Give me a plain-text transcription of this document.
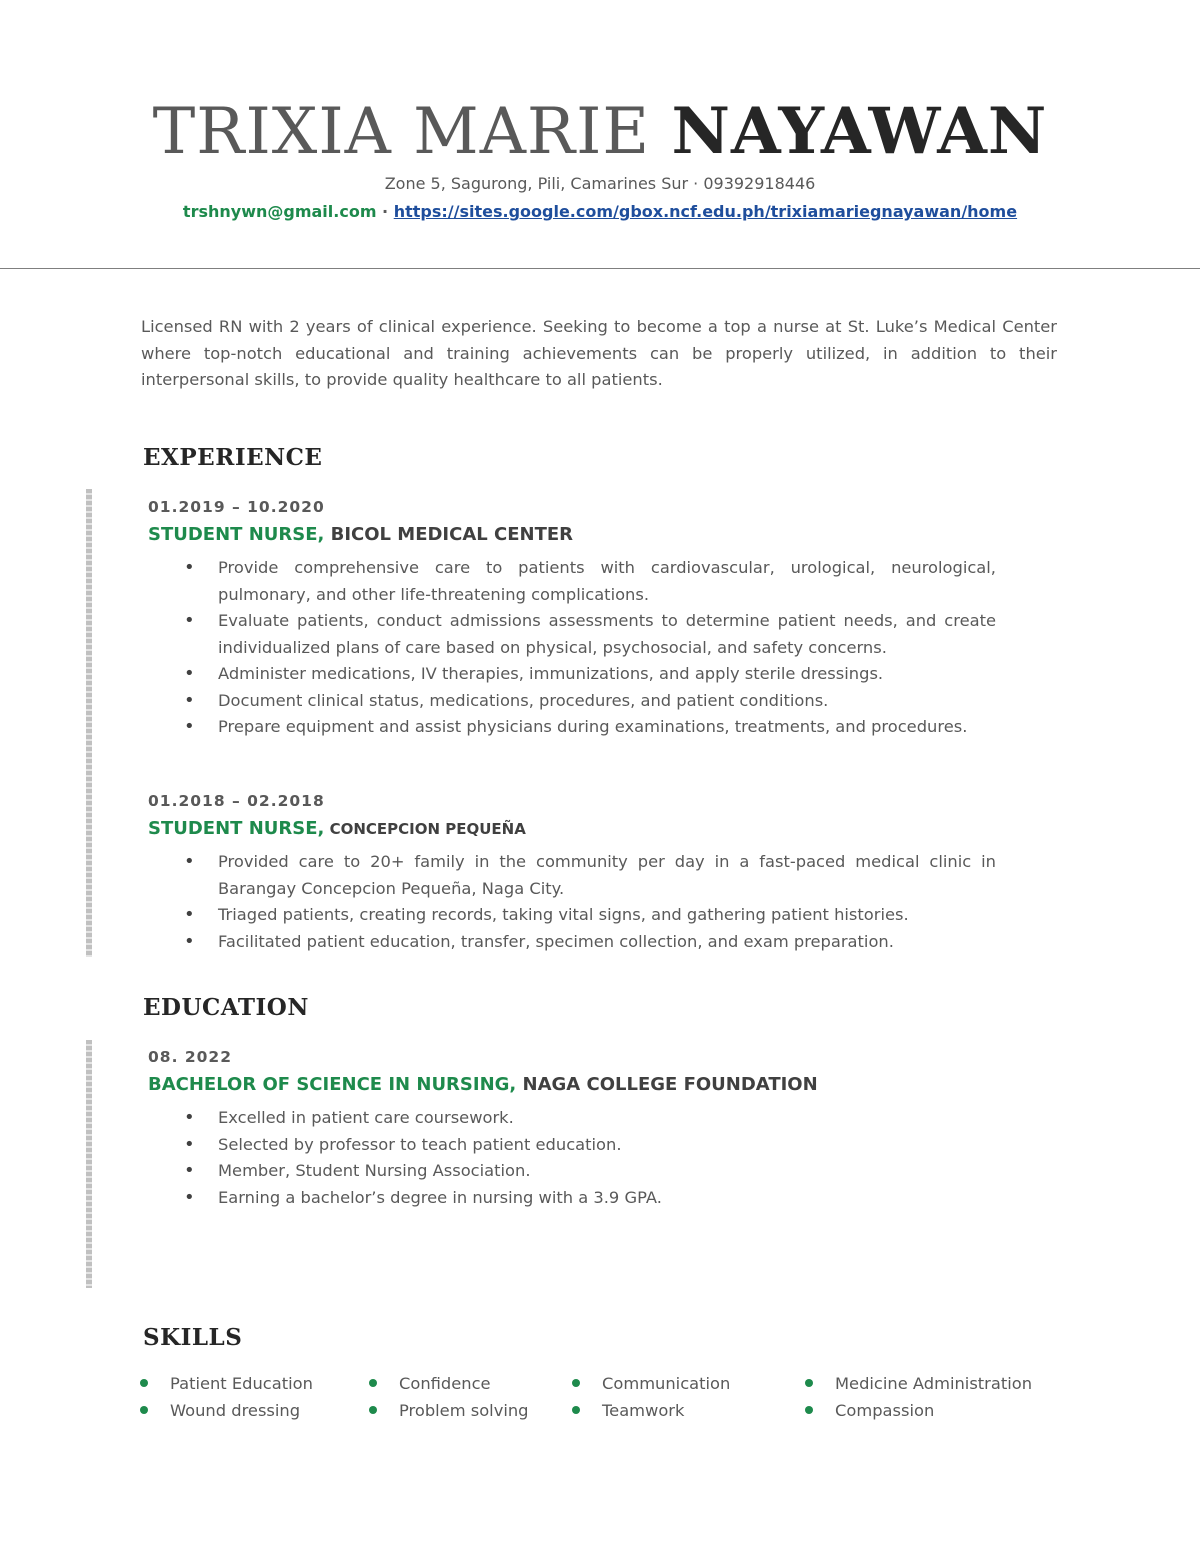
TRIXIA MARIE NAYAWAN
Zone 5, Sagurong, Pili, Camarines Sur · 09392918446
trshnywn@gmail.com · https://sites.google.com/gbox.ncf.edu.ph/trixiamariegnayawan/home
Licensed RN with 2 years of clinical experience. Seeking to become a top a nurse at St. Luke’s Medical Center where top-notch educational and training achievements can be properly utilized, in addition to their interpersonal skills, to provide quality healthcare to all patients.
EXPERIENCE
01.2019 – 10.2020
STUDENT NURSE, BICOL MEDICAL CENTER
• Provide comprehensive care to patients with cardiovascular, urological, neurological, pulmonary, and other life-threatening complications.
• Evaluate patients, conduct admissions assessments to determine patient needs, and create individualized plans of care based on physical, psychosocial, and safety concerns.
• Administer medications, IV therapies, immunizations, and apply sterile dressings.
• Document clinical status, medications, procedures, and patient conditions.
• Prepare equipment and assist physicians during examinations, treatments, and procedures.
01.2018 – 02.2018
STUDENT NURSE, CONCEPCION PEQUEÑA
• Provided care to 20+ family in the community per day in a fast-paced medical clinic in Barangay Concepcion Pequeña, Naga City.
• Triaged patients, creating records, taking vital signs, and gathering patient histories.
• Facilitated patient education, transfer, specimen collection, and exam preparation.
EDUCATION
08. 2022
BACHELOR OF SCIENCE IN NURSING, NAGA COLLEGE FOUNDATION
• Excelled in patient care coursework.
• Selected by professor to teach patient education.
• Member, Student Nursing Association.
• Earning a bachelor’s degree in nursing with a 3.9 GPA.
SKILLS
Patient Education
Wound dressing
Confidence
Problem solving
Communication
Teamwork
Medicine Administration
Compassion
